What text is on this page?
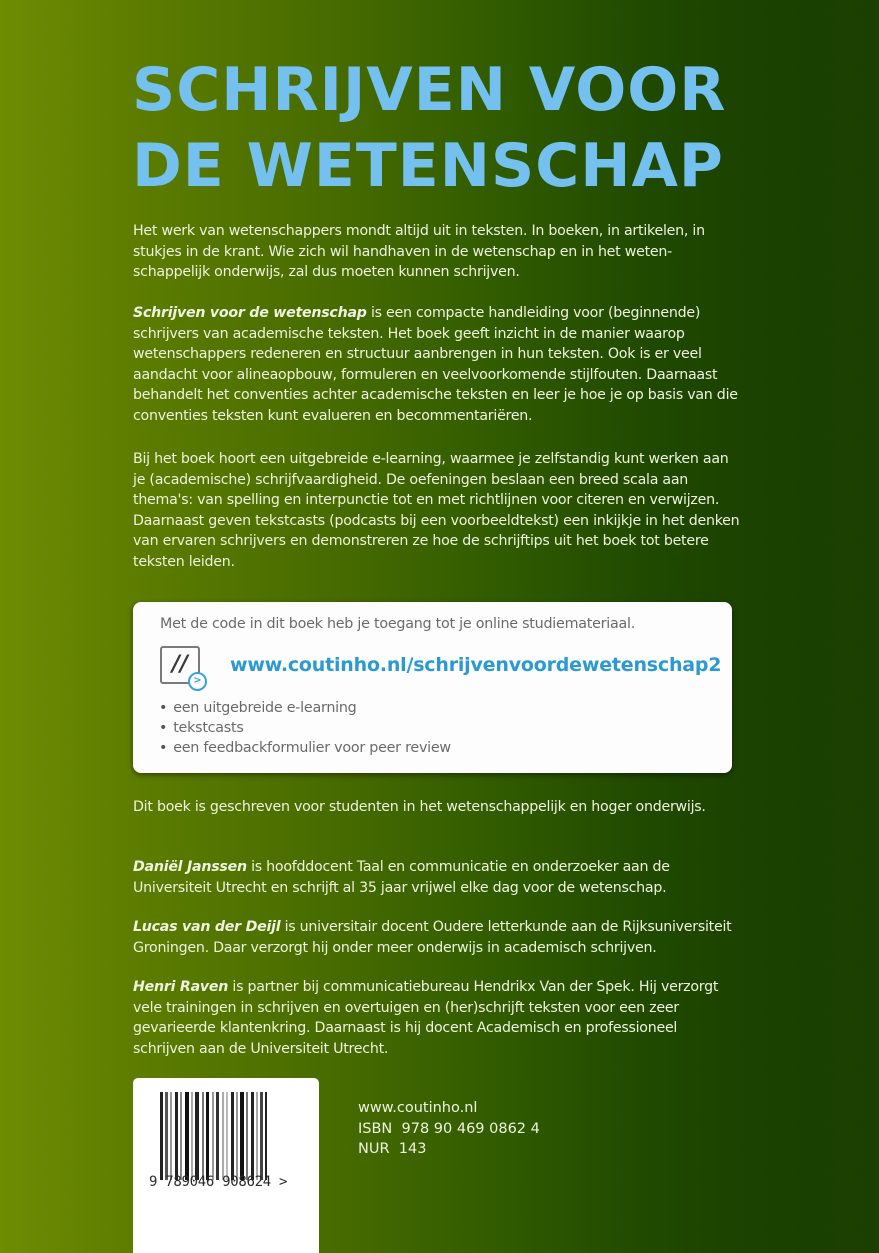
SCHRIJVEN VOOR
DE WETENSCHAP

Het werk van wetenschappers mondt altijd uit in teksten. In boeken, in artikelen, in stukjes in de krant. Wie zich wil handhaven in de wetenschap en in het wetenschappelijk onderwijs, zal dus moeten kunnen schrijven.

Schrijven voor de wetenschap is een compacte handleiding voor (beginnende) schrijvers van academische teksten. Het boek geeft inzicht in de manier waarop wetenschappers redeneren en structuur aanbrengen in hun teksten. Ook is er veel aandacht voor alineaopbouw, formuleren en veelvoorkomende stijlfouten. Daarnaast behandelt het conventies achter academische teksten en leer je hoe je op basis van die conventies teksten kunt evalueren en becommentariëren.

Bij het boek hoort een uitgebreide e-learning, waarmee je zelfstandig kunt werken aan je (academische) schrijfvaardigheid. De oefeningen beslaan een breed scala aan thema's: van spelling en interpunctie tot en met richtlijnen voor citeren en verwijzen. Daarnaast geven tekstcasts (podcasts bij een voorbeeldtekst) een inkijkje in het denken van ervaren schrijvers en demonstreren ze hoe de schrijftips uit het boek tot betere teksten leiden.

Met de code in dit boek heb je toegang tot je online studiemateriaal.
//
>
www.coutinho.nl/schrijvenvoordewetenschap2
• een uitgebreide e-learning
• tekstcasts
• een feedbackformulier voor peer review

Dit boek is geschreven voor studenten in het wetenschappelijk en hoger onderwijs.

Daniël Janssen is hoofddocent Taal en communicatie en onderzoeker aan de Universiteit Utrecht en schrijft al 35 jaar vrijwel elke dag voor de wetenschap.

Lucas van der Deijl is universitair docent Oudere letterkunde aan de Rijksuniversiteit Groningen. Daar verzorgt hij onder meer onderwijs in academisch schrijven.

Henri Raven is partner bij communicatiebureau Hendrikx Van der Spek. Hij verzorgt vele trainingen in schrijven en overtuigen en (her)schrijft teksten voor een zeer gevarieerde klantenkring. Daarnaast is hij docent Academisch en professioneel schrijven aan de Universiteit Utrecht.

9 789046 908624 >
www.coutinho.nl
ISBN 978 90 469 0862 4
NUR 143
